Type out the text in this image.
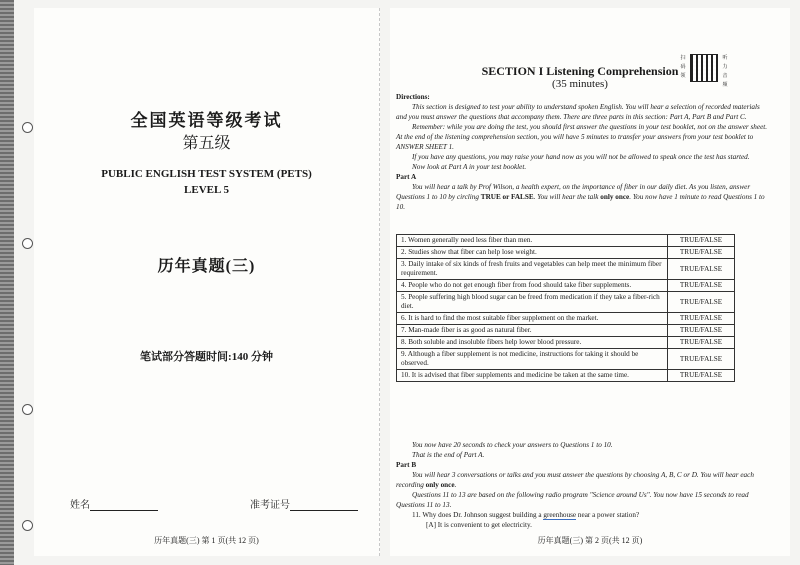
全国英语等级考试
第五级
PUBLIC ENGLISH TEST SYSTEM (PETS)
LEVEL 5
历年真题(三)
笔试部分答题时间:140 分钟
姓名	准考证号
历年真题(三) 第 1 页(共 12 页)
扫
码
领
听
力
音
频
SECTION I Listening Comprehension
(35 minutes)

Directions:

This section is designed to test your ability to understand spoken English. You will hear a selection of recorded materials and you must answer the questions that accompany them. There are three parts in this section: Part A, Part B and Part C.

Remember: while you are doing the test, you should first answer the questions in your test booklet, not on the answer sheet. At the end of the listening comprehension section, you will have 5 minutes to transfer your answers from your test booklet to ANSWER SHEET 1.

If you have any questions, you may raise your hand now as you will not be allowed to speak once the test has started.

Now look at Part A in your test booklet.

Part A

You will hear a talk by Prof Wilson, a health expert, on the importance of fiber in our daily diet. As you listen, answer Questions 1 to 10 by circling TRUE or FALSE. You will hear the talk only once. You now have 1 minute to read Questions 1 to 10.

1. Women generally need less fiber than men.	TRUE/FALSE
2. Studies show that fiber can help lose weight.	TRUE/FALSE
3. Daily intake of six kinds of fresh fruits and vegetables can help meet the minimum fiber requirement.	TRUE/FALSE
4. People who do not get enough fiber from food should take fiber supplements.	TRUE/FALSE
5. People suffering high blood sugar can be freed from medication if they take a fiber-rich diet.	TRUE/FALSE
6. It is hard to find the most suitable fiber supplement on the market.	TRUE/FALSE
7. Man-made fiber is as good as natural fiber.	TRUE/FALSE
8. Both soluble and insoluble fibers help lower blood pressure.	TRUE/FALSE
9. Although a fiber supplement is not medicine, instructions for taking it should be observed.	TRUE/FALSE
10. It is advised that fiber supplements and medicine be taken at the same time.	TRUE/FALSE

You now have 20 seconds to check your answers to Questions 1 to 10.

That is the end of Part A.

Part B

You will hear 3 conversations or talks and you must answer the questions by choosing A, B, C or D. You will hear each recording only once.

Questions 11 to 13 are based on the following radio program "Science around Us". You now have 15 seconds to read Questions 11 to 13.

11. Why does Dr. Johnson suggest building a greenhouse near a power station?

[A] It is convenient to get electricity.

历年真题(三) 第 2 页(共 12 页)
